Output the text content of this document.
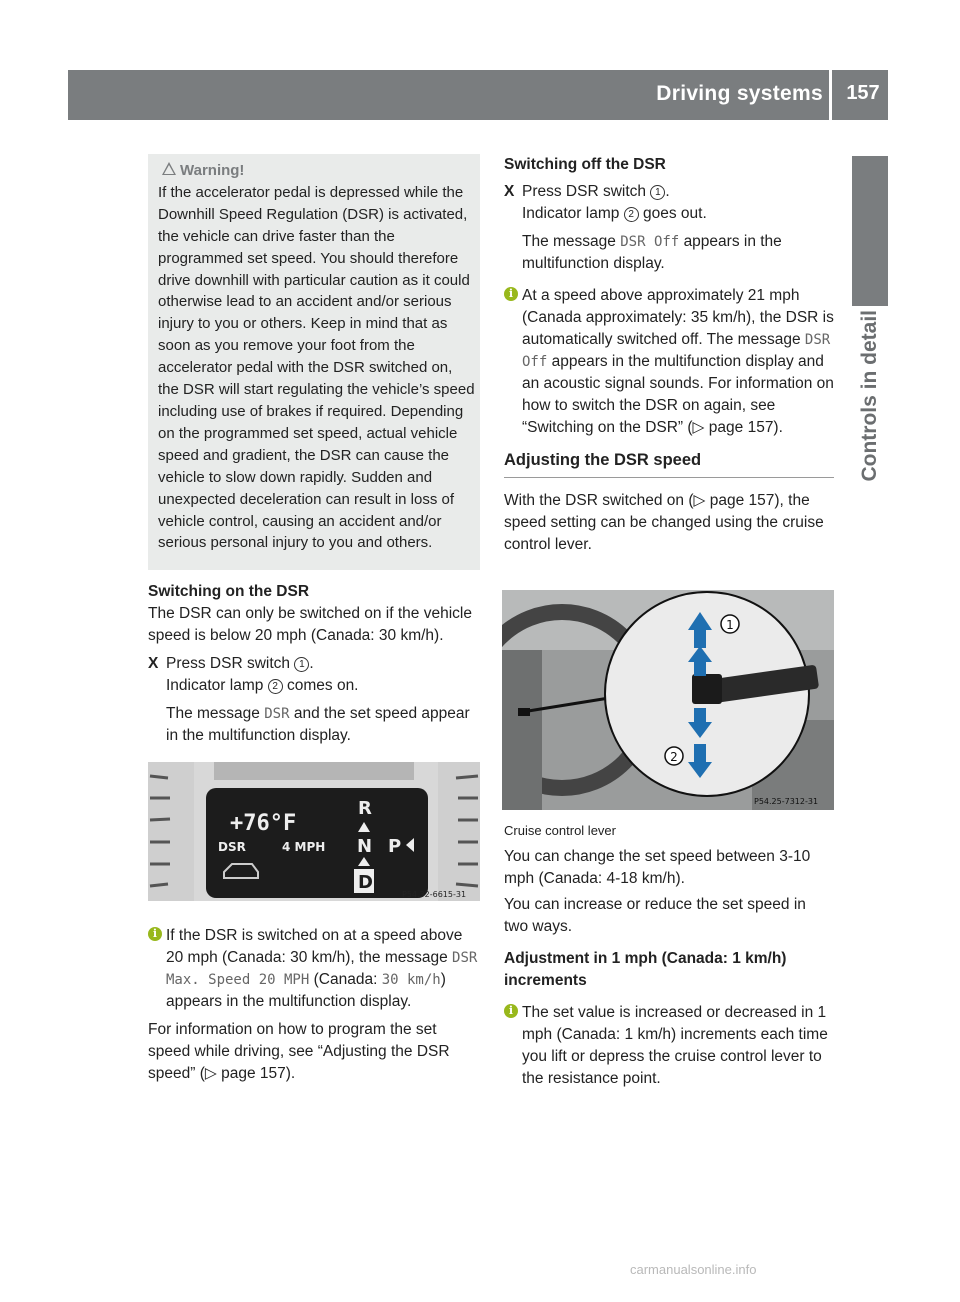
Driving systems	157
Controls in detail
Warning!

If the accelerator pedal is depressed while the Downhill Speed Regulation (DSR) is activated, the vehicle can drive faster than the programmed set speed. You should therefore drive downhill with particular caution as it could otherwise lead to an accident and/or serious injury to you or others. Keep in mind that as soon as you remove your foot from the accelerator pedal with the DSR switched on, the DSR will start regulating the vehicle’s speed including use of brakes if required. Depending on the programmed set speed, actual vehicle speed and gradient, the DSR can cause the vehicle to slow down rapidly. Sudden and unexpected deceleration can result in loss of vehicle control, causing an accident and/or serious personal injury to you and others.

Switching on the DSR

The DSR can only be switched on if the vehicle speed is below 20 mph (Canada: 30 km/h).

X Press DSR switch 1 .

Indicator lamp 2 comes on.

The message DSR and the set speed appear in the multifunction display.

+76°F
DSR	4 MPH
R
N
D
P
P54.32-6615-31
i If the DSR is switched on at a speed above 20 mph (Canada: 30 km/h), the message DSR Max. Speed 20 MPH (Canada: 30 km/h) appears in the multifunction display.

For information on how to program the set speed while driving, see “Adjusting the DSR speed” (▷ page 157).

Switching off the DSR

X Press DSR switch 1 .

Indicator lamp 2 goes out.

The message DSR Off appears in the multifunction display.

i At a speed above approximately 21 mph (Canada approximately: 35 km/h), the DSR is automatically switched off. The message DSR Off appears in the multifunction display and an acoustic signal sounds. For information on how to switch the DSR on again, see “Switching on the DSR” (▷ page 157).

Adjusting the DSR speed

With the DSR switched on (▷ page 157), the speed setting can be changed using the cruise control lever.

1
2
P54.25-7312-31

Cruise control lever

You can change the set speed between 3-10 mph (Canada: 4-18 km/h).

You can increase or reduce the set speed in two ways.

Adjustment in 1 mph (Canada: 1 km/h) increments

i The set value is increased or decreased in 1 mph (Canada: 1 km/h) increments each time you lift or depress the cruise control lever to the resistance point.
carmanualsonline.info
